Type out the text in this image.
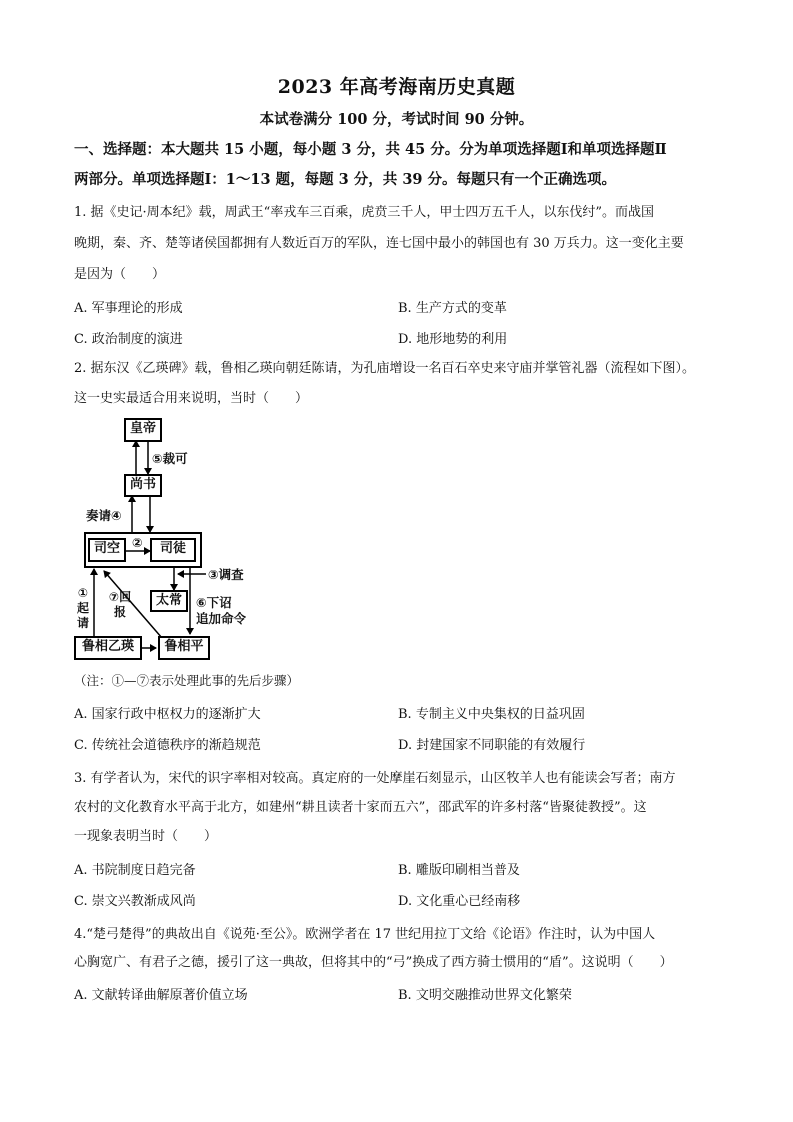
2023 年高考海南历史真题
本试卷满分 100 分，考试时间 90 分钟。
一、选择题：本大题共 15 小题，每小题 3 分，共 45 分。分为单项选择题Ⅰ和单项选择题Ⅱ
两部分。单项选择题Ⅰ：1～13 题，每题 3 分，共 39 分。每题只有一个正确选项。
1. 据《史记·周本纪》载，周武王“率戎车三百乘，虎贲三千人，甲士四万五千人，以东伐纣”。而战国
晚期，秦、齐、楚等诸侯国都拥有人数近百万的军队，连七国中最小的韩国也有 30 万兵力。这一变化主要
是因为（　　）
A. 军事理论的形成	B. 生产方式的变革
C. 政治制度的演进	D. 地形地势的利用
2. 据东汉《乙瑛碑》载，鲁相乙瑛向朝廷陈请，为孔庙增设一名百石卒史来守庙并掌管礼器（流程如下图）。
这一史实最适合用来说明，当时（　　）
皇帝
尚书
司空	司徒
太常
鲁相乙瑛	鲁相平
⑤裁可
奏请④
②
③调查
⑥下诏
追加命令
①起请
⑦回报
（注：①—⑦表示处理此事的先后步骤）
A. 国家行政中枢权力的逐渐扩大	B. 专制主义中央集权的日益巩固
C. 传统社会道德秩序的渐趋规范	D. 封建国家不同职能的有效履行
3. 有学者认为，宋代的识字率相对较高。真定府的一处摩崖石刻显示，山区牧羊人也有能读会写者；南方
农村的文化教育水平高于北方，如建州“耕且读者十家而五六”，邵武军的许多村落“皆聚徒教授”。这
一现象表明当时（　　）
A. 书院制度日趋完备	B. 雕版印刷相当普及
C. 崇文兴教渐成风尚	D. 文化重心已经南移
4.“楚弓楚得”的典故出自《说苑·至公》。欧洲学者在 17 世纪用拉丁文给《论语》作注时，认为中国人
心胸宽广、有君子之德，援引了这一典故，但将其中的“弓”换成了西方骑士惯用的“盾”。这说明（　　）
A. 文献转译曲解原著价值立场	B. 文明交融推动世界文化繁荣
